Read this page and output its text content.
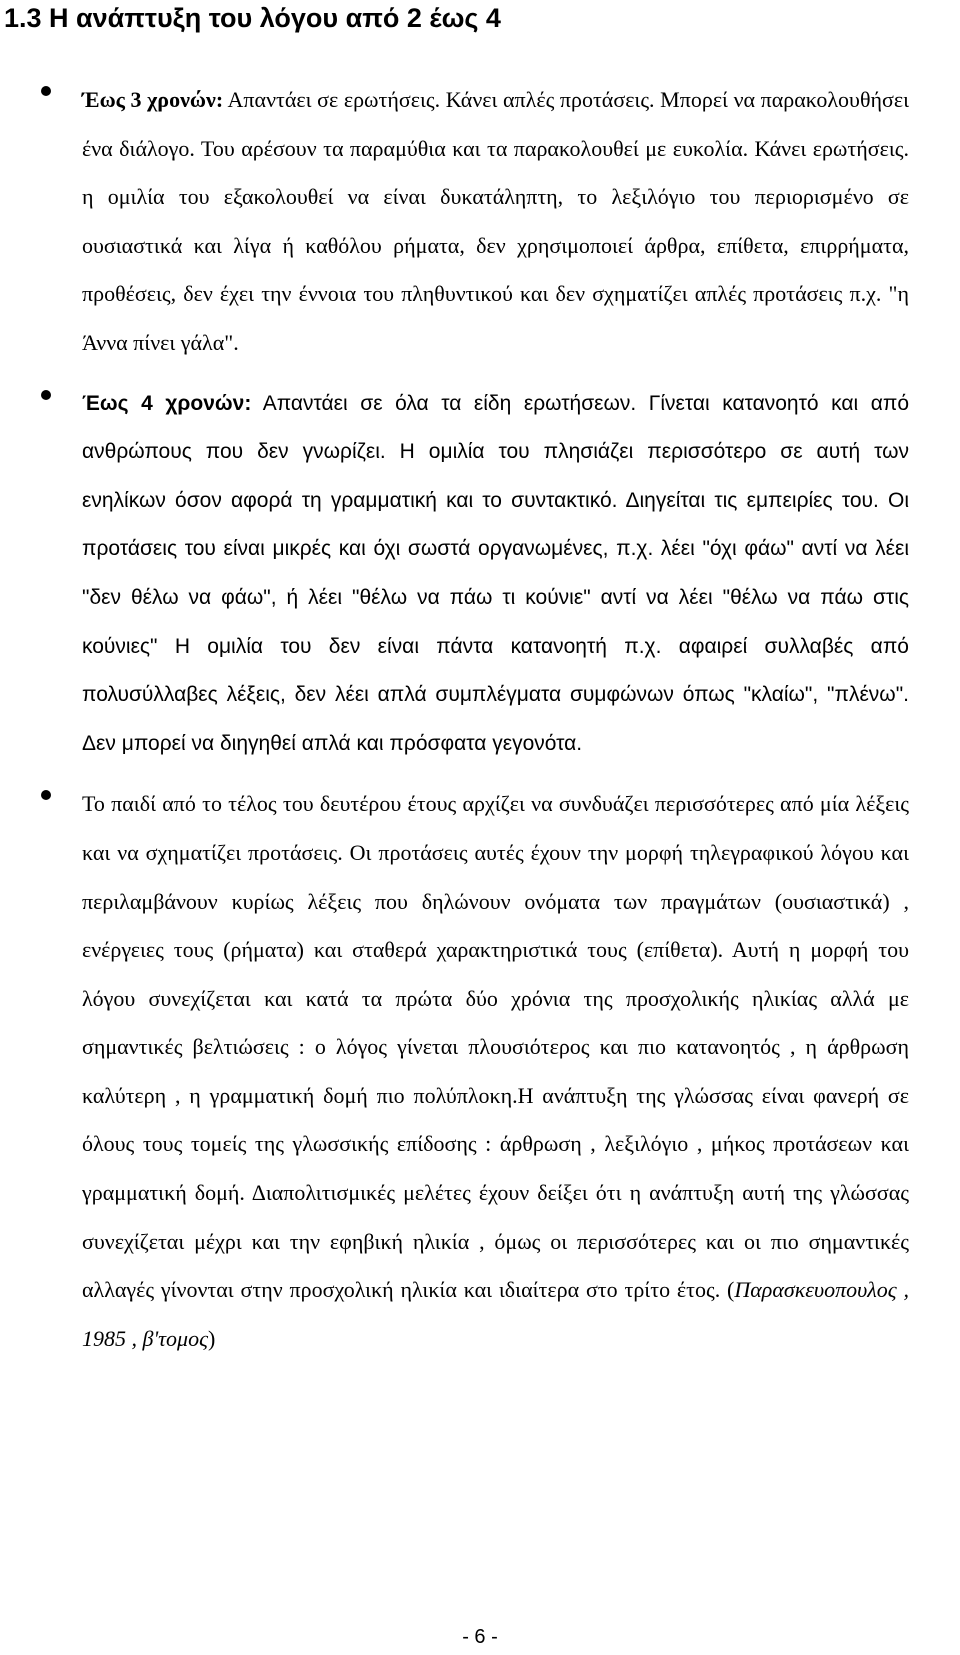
1.3 Η ανάπτυξη του λόγου από 2 έως 4

Έως 3 χρονών: Απαντάει σε ερωτήσεις. Κάνει απλές προτάσεις. Μπορεί να παρακολουθήσει ένα διάλογο. Του αρέσουν τα παραμύθια και τα παρακολουθεί με ευκολία. Κάνει ερωτήσεις. η ομιλία του εξακολουθεί να είναι δυκατάληπτη, το λεξιλόγιο του περιορισμένο σε ουσιαστικά και λίγα ή καθόλου ρήματα, δεν χρησιμοποιεί άρθρα, επίθετα, επιρρήματα, προθέσεις, δεν έχει την έννοια του πληθυντικού και δεν σχηματίζει απλές προτάσεις π.χ. "η Άννα πίνει γάλα".

Έως 4 χρονών: Απαντάει σε όλα τα είδη ερωτήσεων. Γίνεται κατανοητό και από ανθρώπους που δεν γνωρίζει. Η ομιλία του πλησιάζει περισσότερο σε αυτή των ενηλίκων όσον αφορά τη γραμματική και το συντακτικό. Διηγείται τις εμπειρίες του. Οι προτάσεις του είναι μικρές και όχι σωστά οργανωμένες, π.χ. λέει "όχι φάω" αντί να λέει "δεν θέλω να φάω", ή λέει "θέλω να πάω τι κούνιε" αντί να λέει "θέλω να πάω στις κούνιες" Η ομιλία του δεν είναι πάντα κατανοητή π.χ. αφαιρεί συλλαβές από πολυσύλλαβες λέξεις, δεν λέει απλά συμπλέγματα συμφώνων όπως "κλαίω", "πλένω". Δεν μπορεί να διηγηθεί απλά και πρόσφατα γεγονότα.

Το παιδί από το τέλος του δευτέρου έτους αρχίζει να συνδυάζει περισσότερες από μία λέξεις και να σχηματίζει προτάσεις. Οι προτάσεις αυτές έχουν την μορφή τηλεγραφικού λόγου και περιλαμβάνουν κυρίως λέξεις που δηλώνουν ονόματα των πραγμάτων (ουσιαστικά) , ενέργειες τους (ρήματα) και σταθερά χαρακτηριστικά τους (επίθετα). Αυτή η μορφή του λόγου συνεχίζεται και κατά τα πρώτα δύο χρόνια της προσχολικής ηλικίας αλλά με σημαντικές βελτιώσεις : ο λόγος γίνεται πλουσιότερος και πιο κατανοητός , η άρθρωση καλύτερη , η γραμματική δομή πιο πολύπλοκη.Η ανάπτυξη της γλώσσας είναι φανερή σε όλους τους τομείς της γλωσσικής επίδοσης : άρθρωση , λεξιλόγιο , μήκος προτάσεων και γραμματική δομή. Διαπολιτισμικές μελέτες έχουν δείξει ότι η ανάπτυξη αυτή της γλώσσας συνεχίζεται μέχρι και την εφηβική ηλικία , όμως οι περισσότερες και οι πιο σημαντικές αλλαγές γίνονται στην προσχολική ηλικία και ιδιαίτερα στο τρίτο έτος. (Παρασκευοπουλος , 1985 , β'τομος)

- 6 -
